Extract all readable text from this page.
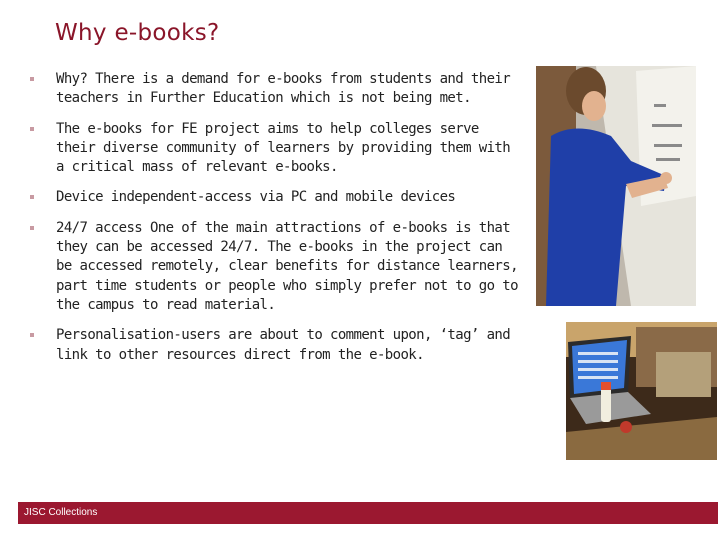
Why e-books?
Why? There is a demand for e-books from students and their teachers in Further Education which is not being met.
The e-books for FE project aims to help colleges serve their diverse community of learners by providing them with a critical mass of relevant e-books.
Device independent-access via PC and mobile devices
24/7 access One of the main attractions of e-books is that they can be accessed 24/7. The e-books in the project can be accessed remotely, clear benefits for distance learners, part time students or people who simply prefer not to go to the campus to read material.
Personalisation-users are about to comment upon, ‘tag’ and link to other resources direct from the e-book.
JISC Collections
